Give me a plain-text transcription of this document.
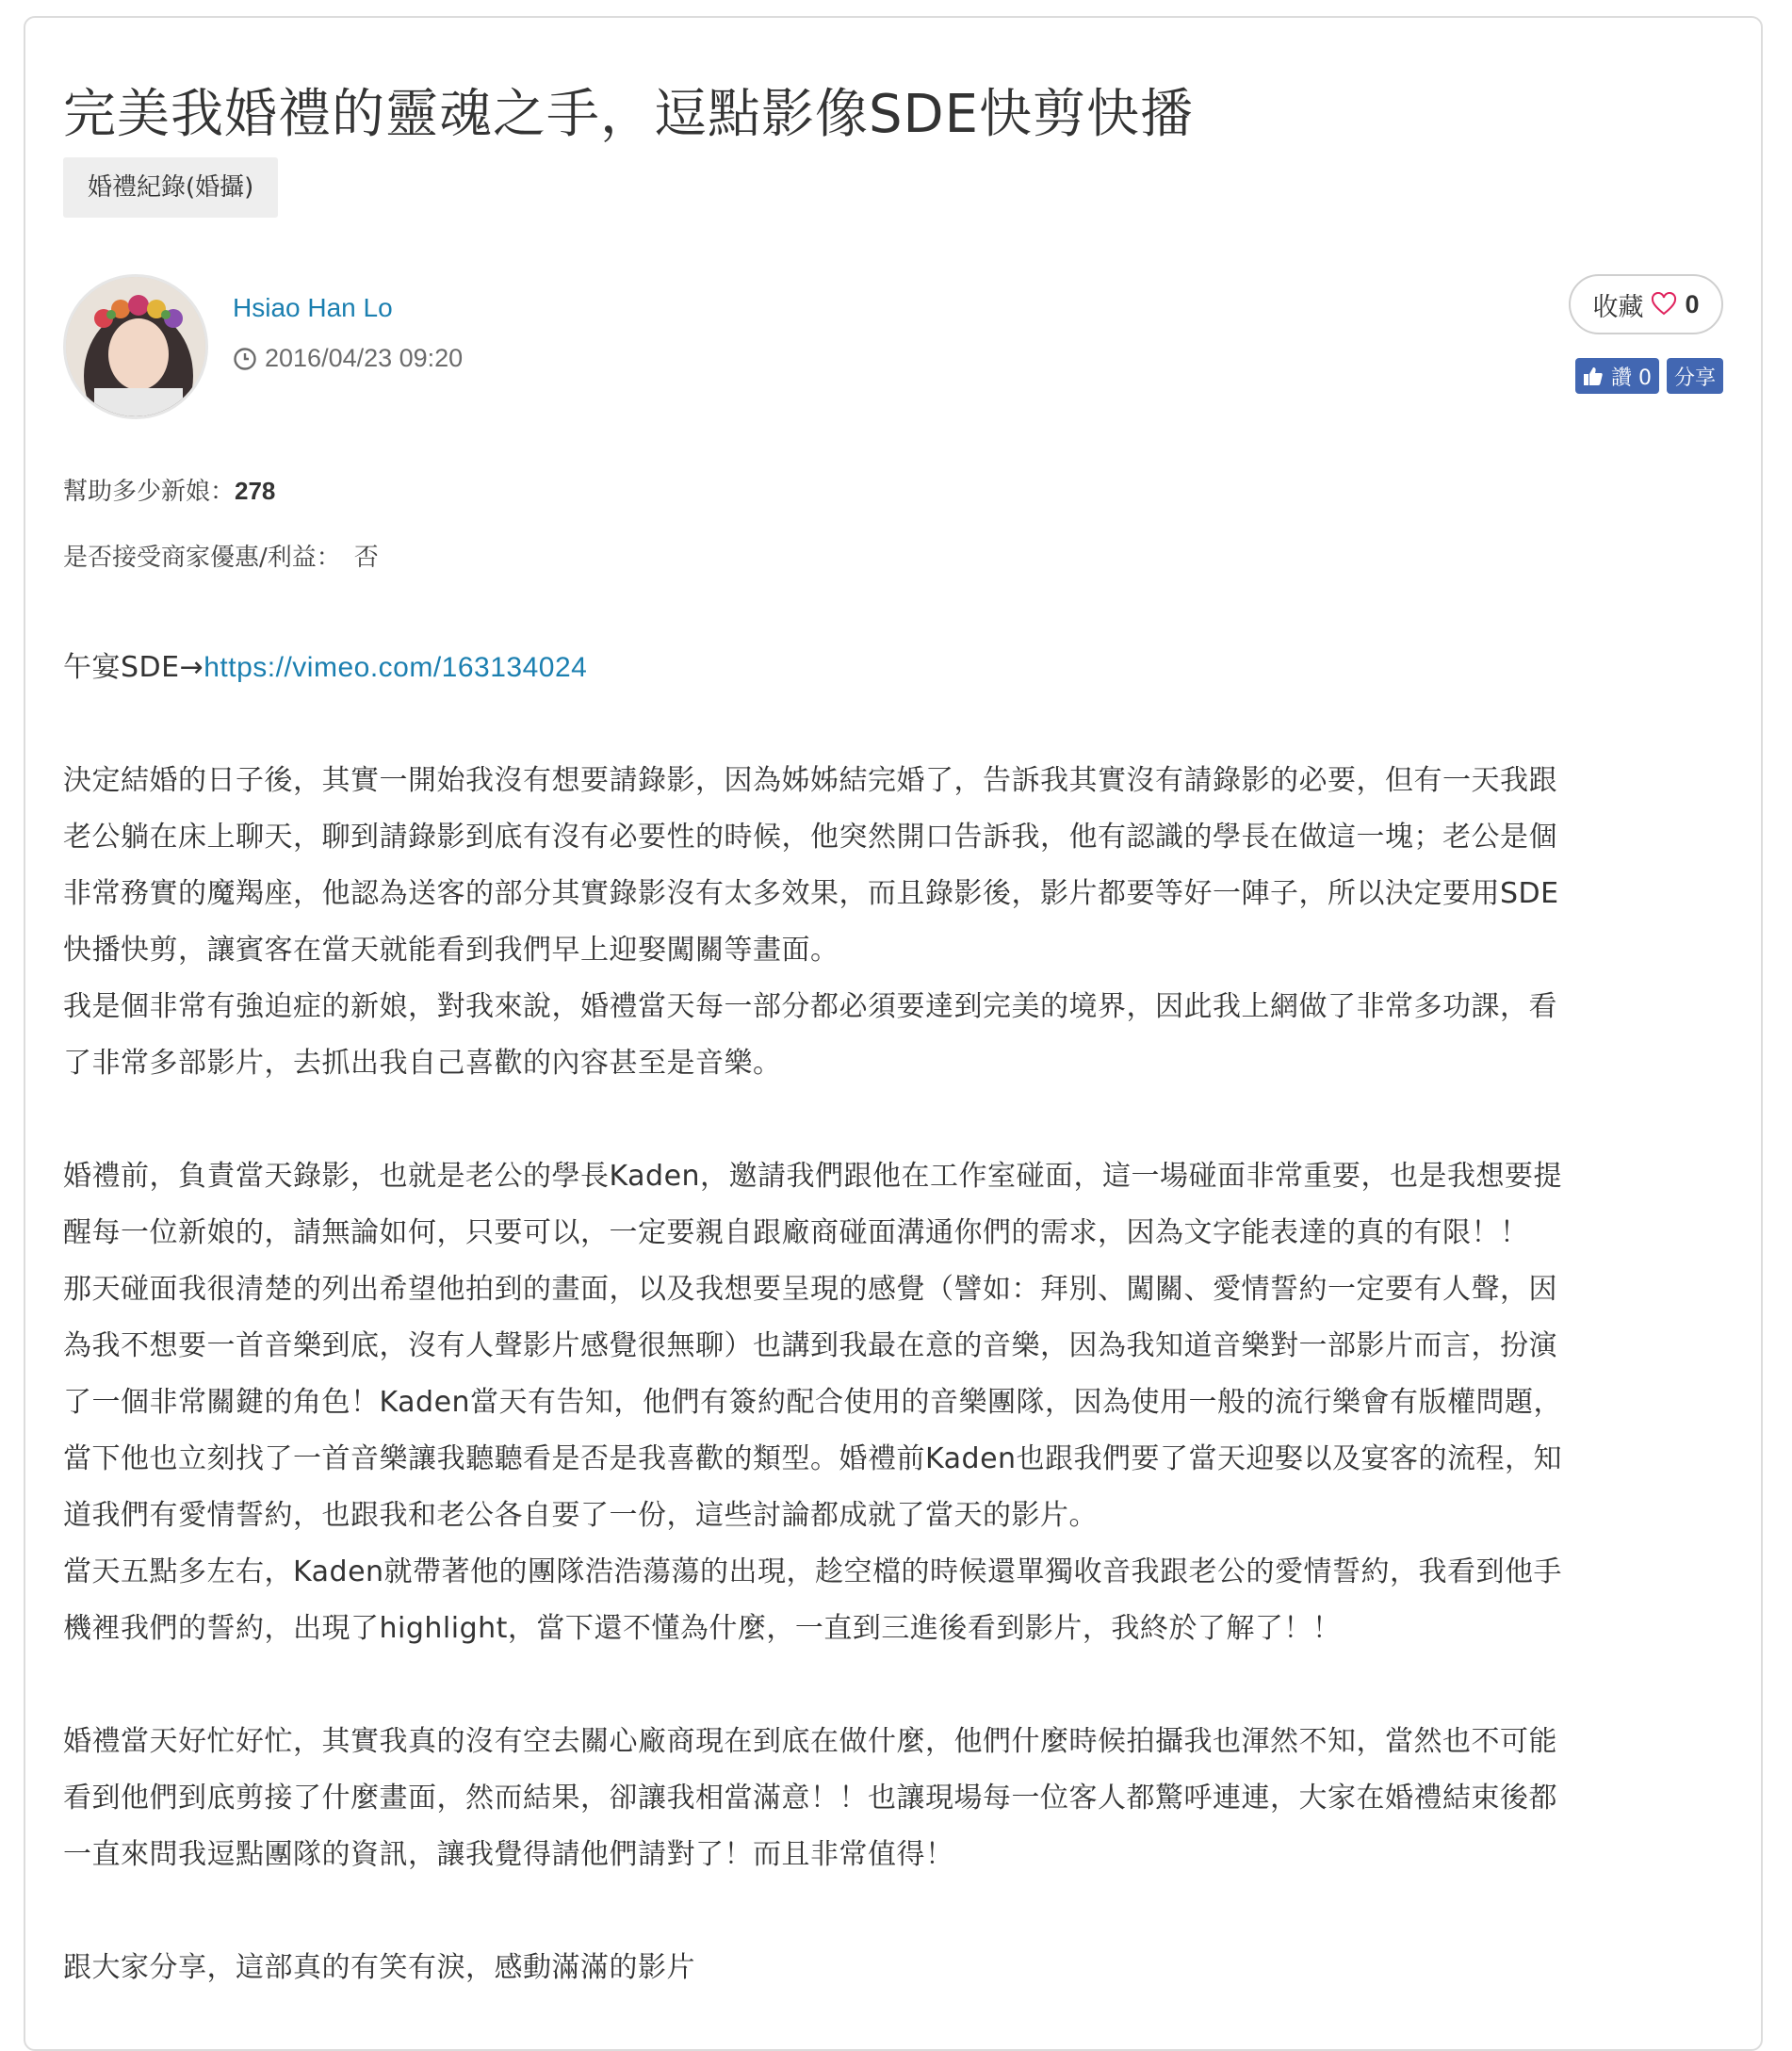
完美我婚禮的靈魂之手，逗點影像SDE快剪快播
婚禮紀錄(婚攝)
Hsiao Han Lo
2016/04/23 09:20
收藏 0
讚 0	分享
幫助多少新娘：278
是否接受商家優惠/利益： 否

午宴SDE→https://vimeo.com/163134024

決定結婚的日子後，其實一開始我沒有想要請錄影，因為姊姊結完婚了，告訴我其實沒有請錄影的必要，但有一天我跟

老公躺在床上聊天，聊到請錄影到底有沒有必要性的時候，他突然開口告訴我，他有認識的學長在做這一塊；老公是個

非常務實的魔羯座，他認為送客的部分其實錄影沒有太多效果，而且錄影後，影片都要等好一陣子，所以決定要用SDE

快播快剪，讓賓客在當天就能看到我們早上迎娶闖關等畫面。

我是個非常有強迫症的新娘，對我來說，婚禮當天每一部分都必須要達到完美的境界，因此我上網做了非常多功課，看

了非常多部影片，去抓出我自己喜歡的內容甚至是音樂。

婚禮前，負責當天錄影，也就是老公的學長Kaden，邀請我們跟他在工作室碰面，這一場碰面非常重要，也是我想要提

醒每一位新娘的，請無論如何，只要可以，一定要親自跟廠商碰面溝通你們的需求，因為文字能表達的真的有限！！

那天碰面我很清楚的列出希望他拍到的畫面，以及我想要呈現的感覺（譬如：拜別、闖關、愛情誓約一定要有人聲，因

為我不想要一首音樂到底，沒有人聲影片感覺很無聊）也講到我最在意的音樂，因為我知道音樂對一部影片而言，扮演

了一個非常關鍵的角色！Kaden當天有告知，他們有簽約配合使用的音樂團隊，因為使用一般的流行樂會有版權問題，

當下他也立刻找了一首音樂讓我聽聽看是否是我喜歡的類型。婚禮前Kaden也跟我們要了當天迎娶以及宴客的流程，知

道我們有愛情誓約，也跟我和老公各自要了一份，這些討論都成就了當天的影片。

當天五點多左右，Kaden就帶著他的團隊浩浩蕩蕩的出現，趁空檔的時候還單獨收音我跟老公的愛情誓約，我看到他手

機裡我們的誓約，出現了highlight，當下還不懂為什麼，一直到三進後看到影片，我終於了解了！！

婚禮當天好忙好忙，其實我真的沒有空去關心廠商現在到底在做什麼，他們什麼時候拍攝我也渾然不知，當然也不可能

看到他們到底剪接了什麼畫面，然而結果，卻讓我相當滿意！！也讓現場每一位客人都驚呼連連，大家在婚禮結束後都

一直來問我逗點團隊的資訊，讓我覺得請他們請對了！而且非常值得！

跟大家分享，這部真的有笑有淚，感動滿滿的影片
